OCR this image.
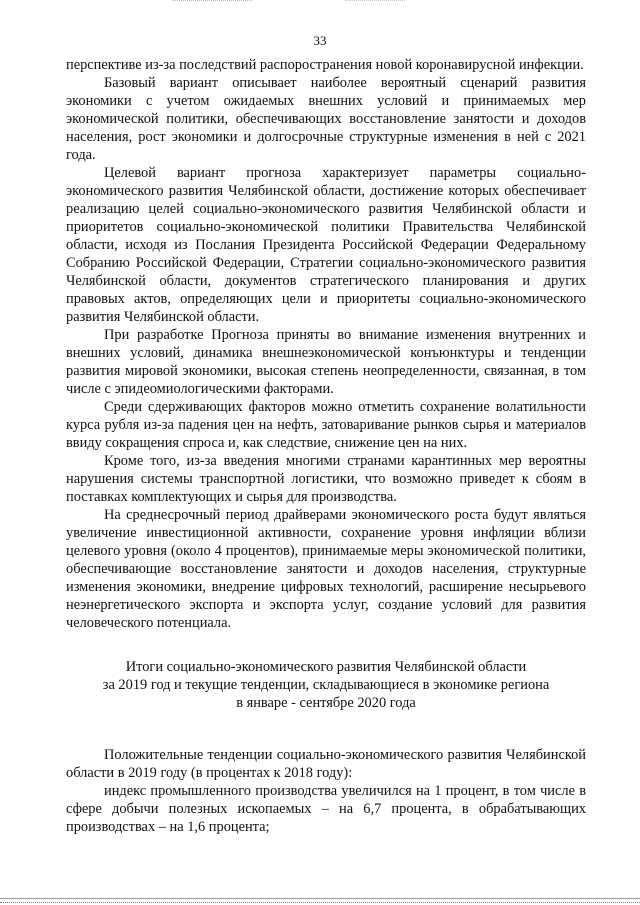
33

перспективе из-за последствий распоространения новой коронавирусной инфекции.

Базовый вариант описывает наиболее вероятный сценарий развития экономики с учетом ожидаемых внешних условий и принимаемых мер экономической политики, обеспечивающих восстановление занятости и доходов населения, рост экономики и долгосрочные структурные изменения в ней с 2021 года.

Целевой вариант прогноза характеризует параметры социально-экономического развития Челябинской области, достижение которых обеспечивает реализацию целей социально-экономического развития Челябинской области и приоритетов социально-экономической политики Правительства Челябинской области, исходя из Послания Президента Российской Федерации Федеральному Собранию Российской Федерации, Стратегии социально-экономического развития Челябинской области, документов стратегического планирования и других правовых актов, определяющих цели и приоритеты социально-экономического развития Челябинской области.

При разработке Прогноза приняты во внимание изменения внутренних и внешних условий, динамика внешнеэкономической конъюнктуры и тенденции развития мировой экономики, высокая степень неопределенности, связанная, в том числе с эпидеомиологическими факторами.

Среди сдерживающих факторов можно отметить сохранение волатильности курса рубля из-за падения цен на нефть, затоваривание рынков сырья и материалов ввиду сокращения спроса и, как следствие, снижение цен на них.

Кроме того, из-за введения многими странами карантинных мер вероятны нарушения системы транспортной логистики, что возможно приведет к сбоям в поставках комплектующих и сырья для производства.

На среднесрочный период драйверами экономического роста будут являться увеличение инвестиционной активности, сохранение уровня инфляции вблизи целевого уровня (около 4 процентов), принимаемые меры экономической политики, обеспечивающие восстановление занятости и доходов населения, структурные изменения экономики, внедрение цифровых технологий, расширение несырьевого неэнергетического экспорта и экспорта услуг, создание условий для развития человеческого потенциала.

Итоги социально-экономического развития Челябинской области

за 2019 год и текущие тенденции, складывающиеся в экономике региона

в январе - сентябре 2020 года

Положительные тенденции социально-экономического развития Челябинской области в 2019 году (в процентах к 2018 году):

индекс промышленного производства увеличился на 1 процент, в том числе в сфере добычи полезных ископаемых – на 6,7 процента, в обрабатывающих производствах – на 1,6 процента;
